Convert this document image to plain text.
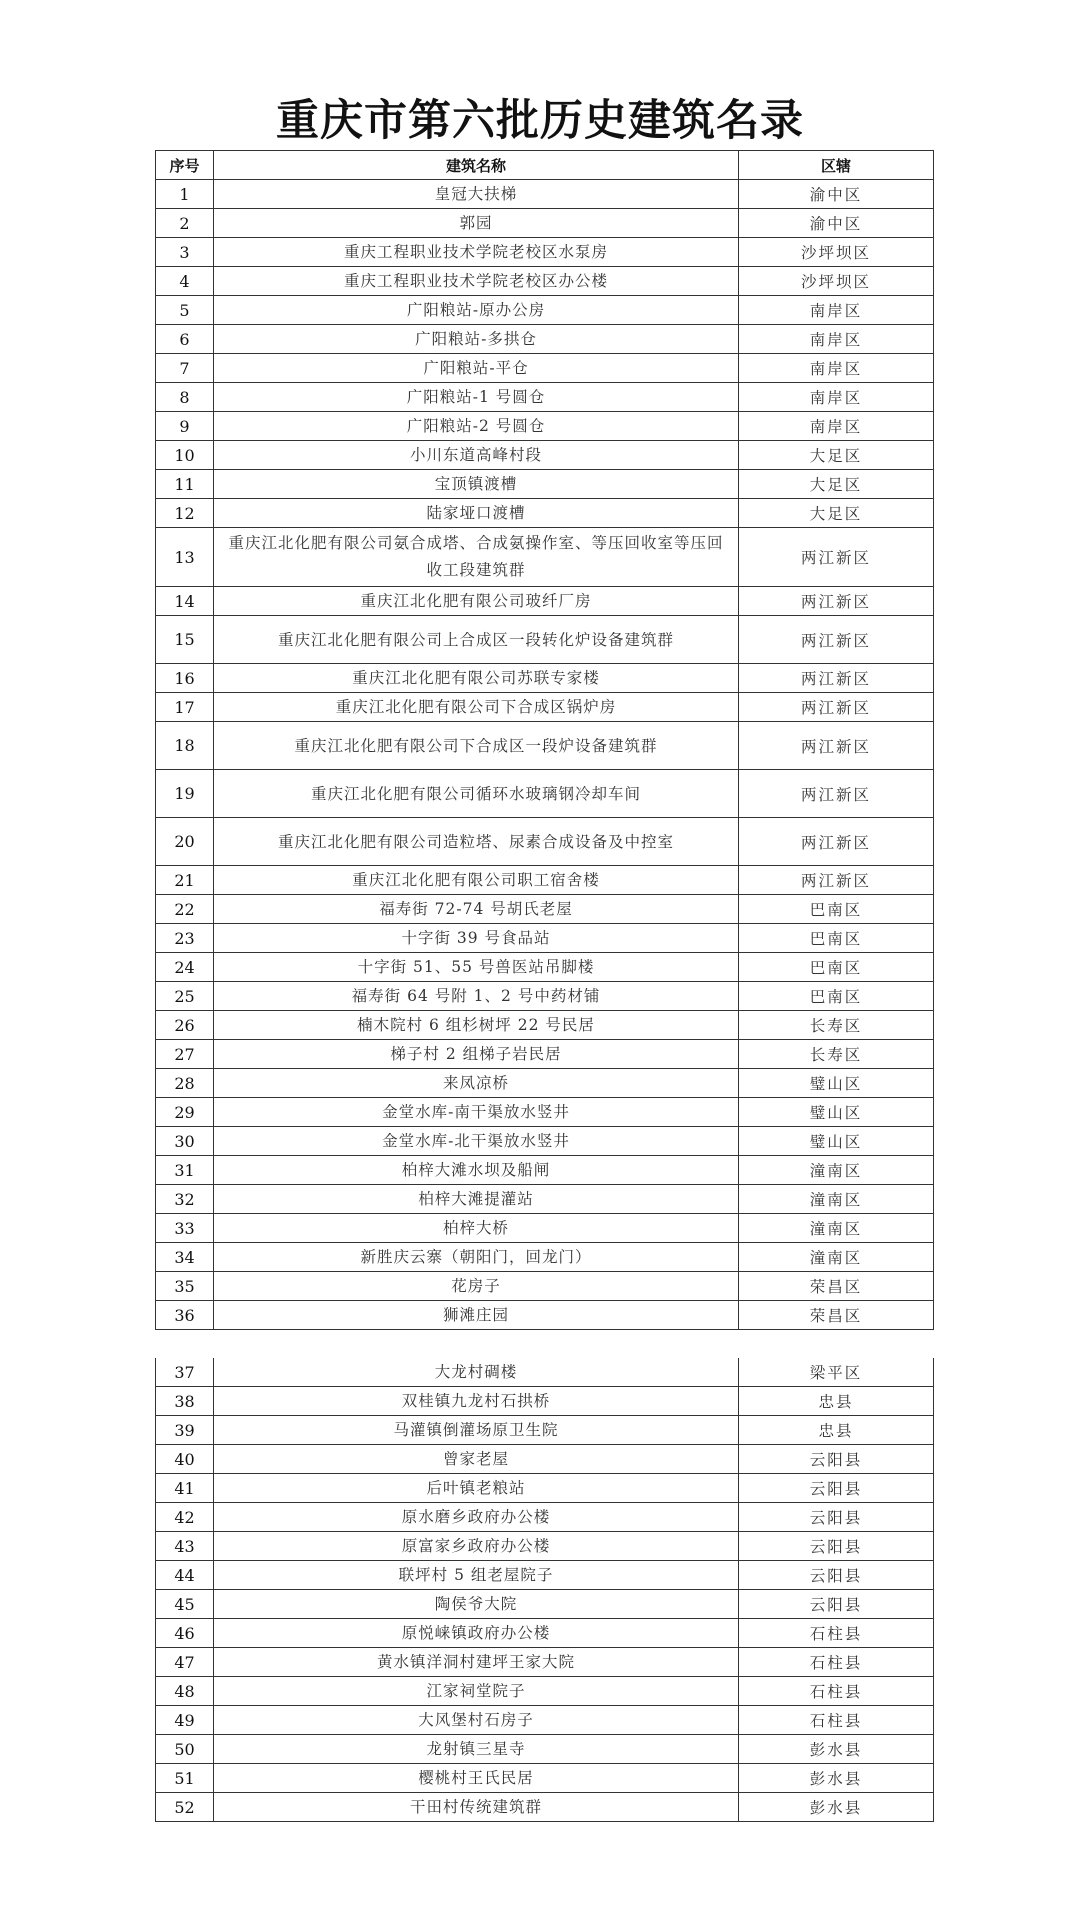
重庆市第六批历史建筑名录
序号	建筑名称	区辖
1	皇冠大扶梯	渝中区
2	郭园	渝中区
3	重庆工程职业技术学院老校区水泵房	沙坪坝区
4	重庆工程职业技术学院老校区办公楼	沙坪坝区
5	广阳粮站-原办公房	南岸区
6	广阳粮站-多拱仓	南岸区
7	广阳粮站-平仓	南岸区
8	广阳粮站-1 号圆仓	南岸区
9	广阳粮站-2 号圆仓	南岸区
10	小川东道高峰村段	大足区
11	宝顶镇渡槽	大足区
12	陆家垭口渡槽	大足区
13	重庆江北化肥有限公司氨合成塔、合成氨操作室、等压回收室等压回收工段建筑群	两江新区
14	重庆江北化肥有限公司玻纤厂房	两江新区
15	重庆江北化肥有限公司上合成区一段转化炉设备建筑群	两江新区
16	重庆江北化肥有限公司苏联专家楼	两江新区
17	重庆江北化肥有限公司下合成区锅炉房	两江新区
18	重庆江北化肥有限公司下合成区一段炉设备建筑群	两江新区
19	重庆江北化肥有限公司循环水玻璃钢冷却车间	两江新区
20	重庆江北化肥有限公司造粒塔、尿素合成设备及中控室	两江新区
21	重庆江北化肥有限公司职工宿舍楼	两江新区
22	福寿街 72-74 号胡氏老屋	巴南区
23	十字街 39 号食品站	巴南区
24	十字街 51、55 号兽医站吊脚楼	巴南区
25	福寿街 64 号附 1、2 号中药材铺	巴南区
26	楠木院村 6 组杉树坪 22 号民居	长寿区
27	梯子村 2 组梯子岩民居	长寿区
28	来凤凉桥	璧山区
29	金堂水库-南干渠放水竖井	璧山区
30	金堂水库-北干渠放水竖井	璧山区
31	柏梓大滩水坝及船闸	潼南区
32	柏梓大滩提灌站	潼南区
33	柏梓大桥	潼南区
34	新胜庆云寨（朝阳门，回龙门）	潼南区
35	花房子	荣昌区
36	狮滩庄园	荣昌区
37	大龙村碉楼	梁平区
38	双桂镇九龙村石拱桥	忠县
39	马灌镇倒灌场原卫生院	忠县
40	曾家老屋	云阳县
41	后叶镇老粮站	云阳县
42	原水磨乡政府办公楼	云阳县
43	原富家乡政府办公楼	云阳县
44	联坪村 5 组老屋院子	云阳县
45	陶侯爷大院	云阳县
46	原悦崃镇政府办公楼	石柱县
47	黄水镇洋洞村建坪王家大院	石柱县
48	江家祠堂院子	石柱县
49	大风堡村石房子	石柱县
50	龙射镇三星寺	彭水县
51	樱桃村王氏民居	彭水县
52	干田村传统建筑群	彭水县
